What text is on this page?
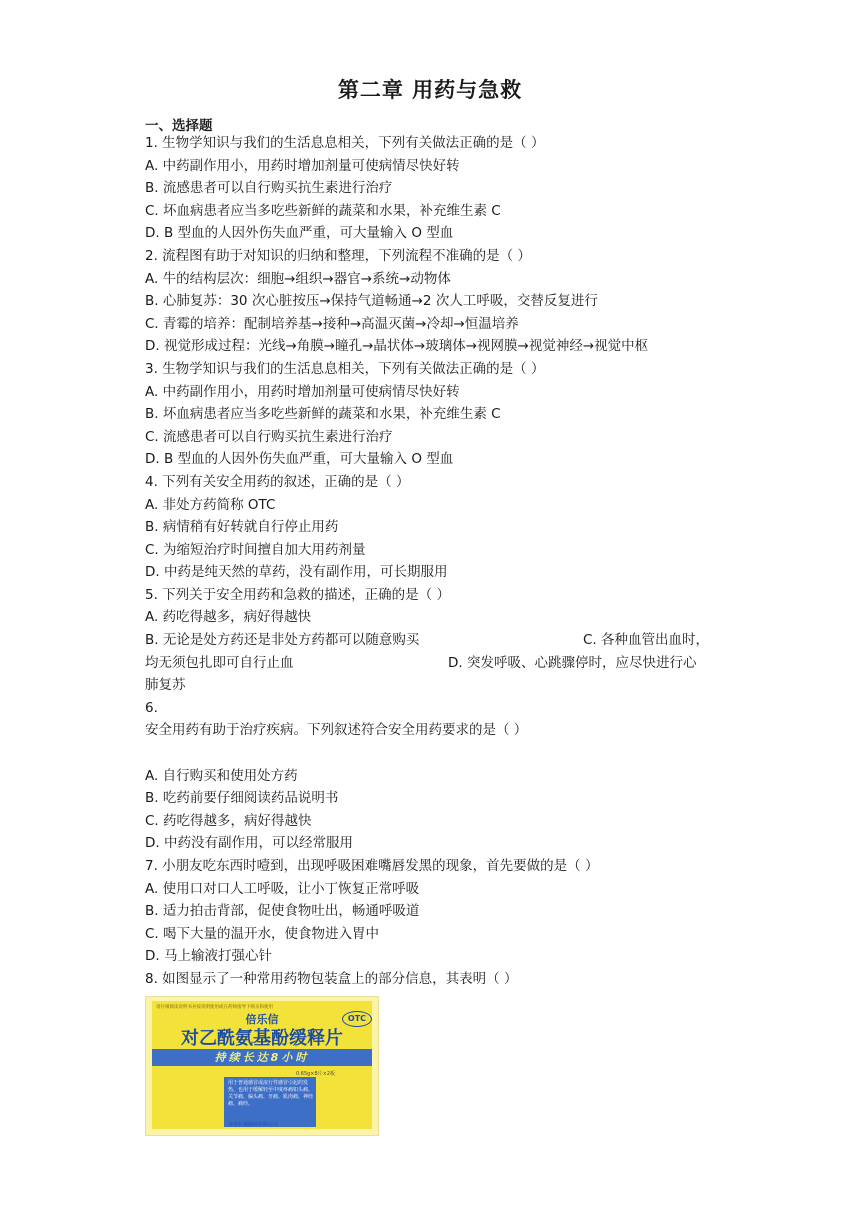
第二章 用药与急救
一、选择题
1. 生物学知识与我们的生活息息相关，下列有关做法正确的是（ ）
A. 中药副作用小，用药时增加剂量可使病情尽快好转
B. 流感患者可以自行购买抗生素进行治疗
C. 坏血病患者应当多吃些新鲜的蔬菜和水果，补充维生素 C
D. B 型血的人因外伤失血严重，可大量输入 O 型血
2. 流程图有助于对知识的归纳和整理，下列流程不准确的是（ ）
A. 牛的结构层次：细胞→组织→器官→系统→动物体
B. 心肺复苏：30 次心脏按压→保持气道畅通→2 次人工呼吸，交替反复进行
C. 青霉的培养：配制培养基→接种→高温灭菌→冷却→恒温培养
D. 视觉形成过程：光线→角膜→瞳孔→晶状体→玻璃体→视网膜→视觉神经→视觉中枢
3. 生物学知识与我们的生活息息相关，下列有关做法正确的是（ ）
A. 中药副作用小，用药时增加剂量可使病情尽快好转
B. 坏血病患者应当多吃些新鲜的蔬菜和水果，补充维生素 C
C. 流感患者可以自行购买抗生素进行治疗
D. B 型血的人因外伤失血严重，可大量输入 O 型血
4. 下列有关安全用药的叙述，正确的是（ ）
A. 非处方药简称 OTC
B. 病情稍有好转就自行停止用药
C. 为缩短治疗时间擅自加大用药剂量
D. 中药是纯天然的草药，没有副作用，可长期服用
5. 下列关于安全用药和急救的描述，正确的是（ ）
A. 药吃得越多，病好得越快
B. 无论是处方药还是非处方药都可以随意购买	C. 各种血管出血时，
均无须包扎即可自行止血	D. 突发呼吸、心跳骤停时，应尽快进行心
肺复苏
6.
安全用药有助于治疗疾病。下列叙述符合安全用药要求的是（ ）
A. 自行购买和使用处方药
B. 吃药前要仔细阅读药品说明书
C. 药吃得越多，病好得越快
D. 中药没有副作用，可以经常服用
7. 小朋友吃东西时噎到，出现呼吸困难嘴唇发黑的现象，首先要做的是（ ）
A. 使用口对口人工呼吸，让小丁恢复正常呼吸
B. 适力拍击背部，促使食物吐出，畅通呼吸道
C. 喝下大量的温开水，使食物进入胃中
D. 马上输液打强心针
8. 如图显示了一种常用药物包装盒上的部分信息，其表明（ ）
请仔细阅读说明书并按说明使用或在药师指导下购买和使用
倍乐信	OTC
对乙酰氨基酚缓释片
持续长达8小时
0.65g×8片×2板
用于普通感冒或流行性感冒引起的发热，也用于缓解轻至中度疼痛如头痛、关节痛、偏头痛、牙痛、肌肉痛、神经痛、痛经。
济南长城制药有限公司
